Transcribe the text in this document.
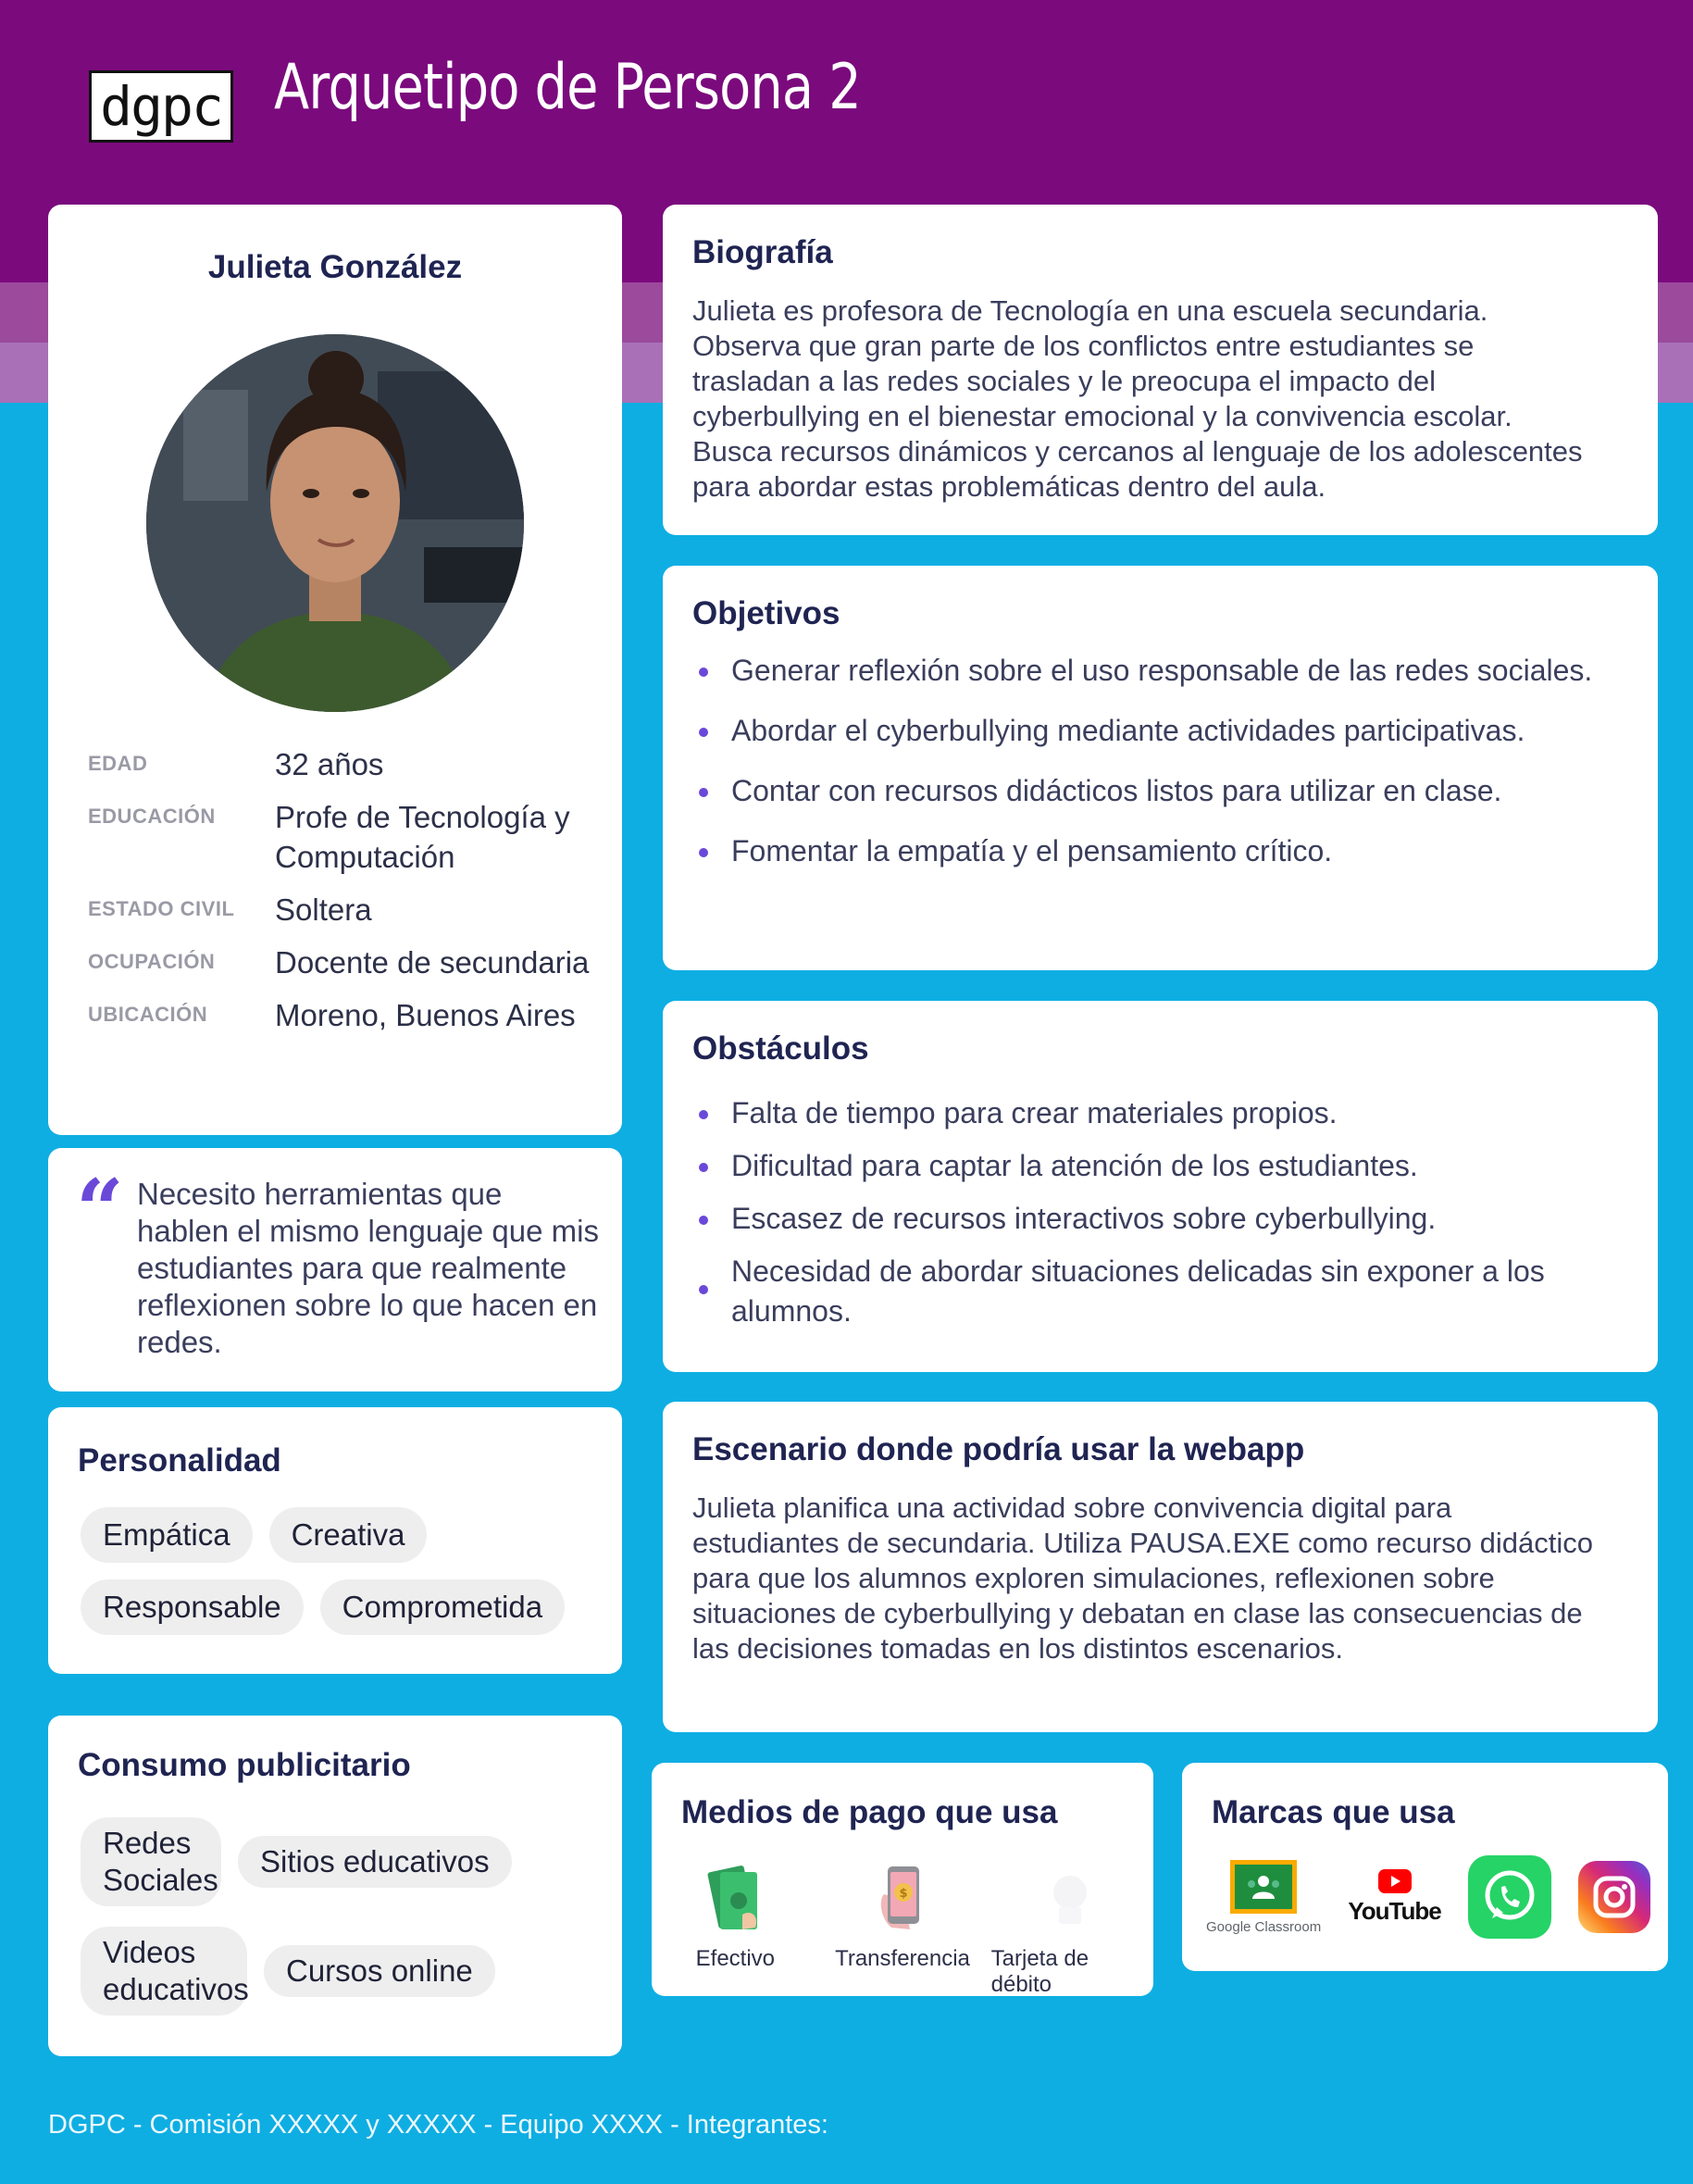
dgpc Arquetipo de Persona 2
Julieta González
EDAD	32 años
EDUCACIÓN	Profe de Tecnología y Computación
ESTADO CIVIL	Soltera
OCUPACIÓN	Docente de secundaria
UBICACIÓN	Moreno, Buenos Aires
“ Necesito herramientas que hablen el mismo lenguaje que mis estudiantes para que realmente reflexionen sobre lo que hacen en redes.

Personalidad
Empática	Creativa
Responsable	Comprometida
Consumo publicitario
Redes Sociales
Sitios educativos
Videos educativos
Cursos online
Biografía

Julieta es profesora de Tecnología en una escuela secundaria. Observa que gran parte de los conflictos entre estudiantes se trasladan a las redes sociales y le preocupa el impacto del cyberbullying en el bienestar emocional y la convivencia escolar. Busca recursos dinámicos y cercanos al lenguaje de los adolescentes para abordar estas problemáticas dentro del aula.

Objetivos
Generar reflexión sobre el uso responsable de las redes sociales.
Abordar el cyberbullying mediante actividades participativas.
Contar con recursos didácticos listos para utilizar en clase.
Fomentar la empatía y el pensamiento crítico.
Obstáculos
Falta de tiempo para crear materiales propios.
Dificultad para captar la atención de los estudiantes.
Escasez de recursos interactivos sobre cyberbullying.
Necesidad de abordar situaciones delicadas sin exponer a los alumnos.
Escenario donde podría usar la webapp

Julieta planifica una actividad sobre convivencia digital para estudiantes de secundaria. Utiliza PAUSA.EXE como recurso didáctico para que los alumnos exploren simulaciones, reflexionen sobre situaciones de cyberbullying y debatan en clase las consecuencias de las decisiones tomadas en los distintos escenarios.

Medios de pago que usa
Efectivo
$
Transferencia Tarjeta de débito
Marcas que usa
Google Classroom
YouTube

DGPC - Comisión XXXXX y XXXXX - Equipo XXXX - Integrantes:
